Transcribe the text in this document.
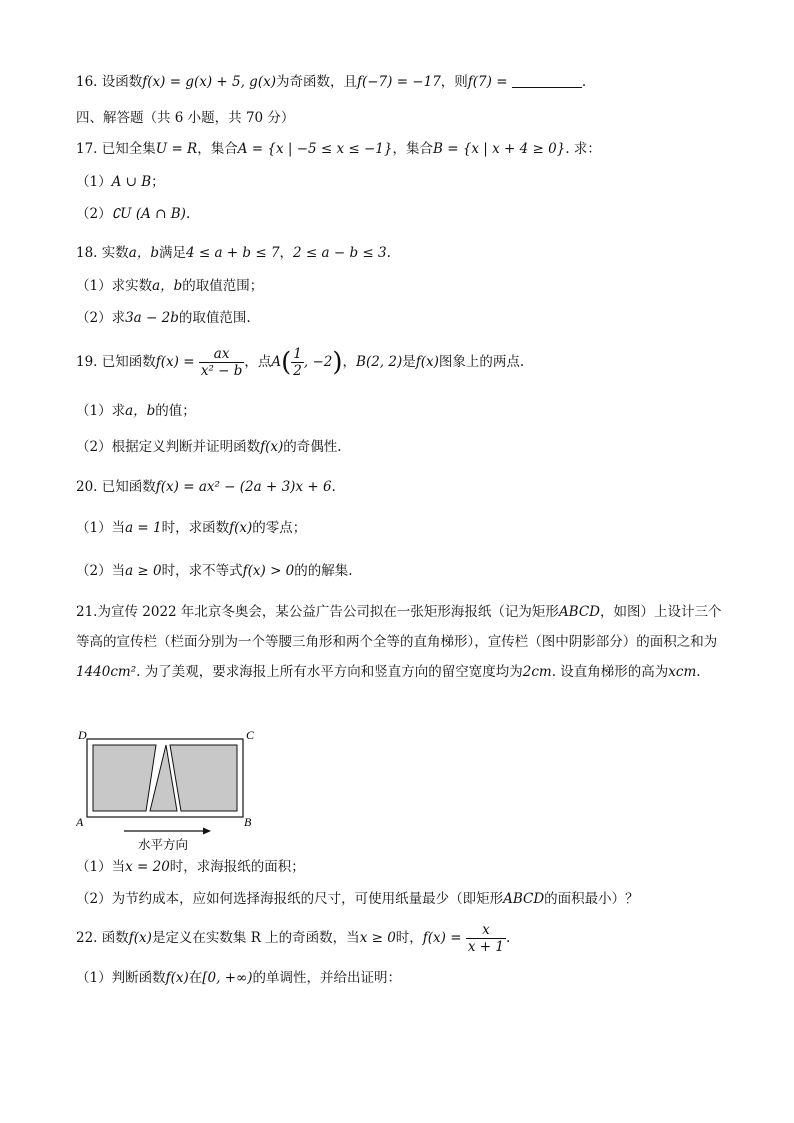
16. 设函数f(x) = g(x) + 5, g(x)为奇函数，且f(−7) = −17，则f(7) =	.
四、解答题（共 6 小题，共 70 分）
17. 已知全集U = R，集合A = {x | −5 ≤ x ≤ −1}，集合B = {x | x + 4 ≥ 0}. 求：
（1）A ∪ B；
（2）∁U (A ∩ B).
18. 实数a，b满足4 ≤ a + b ≤ 7，2 ≤ a − b ≤ 3.
（1）求实数a，b的取值范围；
（2）求3a − 2b的取值范围.
19. 已知函数$f(x) = \frac{ax}{\text{x² − b}}$ ，点$A( \frac{1}{2}$ , −2)，B(2, 2)是f(x)图象上的两点.
（1）求a，b的值；
（2）根据定义判断并证明函数f(x)的奇偶性.
20. 已知函数f(x) = ax² − (2a + 3)x + 6.
（1）当a = 1时，求函数f(x)的零点；
（2）当a ≥ 0时，求不等式f(x) > 0的的解集.
21.为宣传 2022 年北京冬奥会，某公益广告公司拟在一张矩形海报纸（记为矩形ABCD，如图）上设计三个等高的宣传栏（栏面分别为一个等腰三角形和两个全等的直角梯形），宣传栏（图中阴影部分）的面积之和为1440cm². 为了美观，要求海报上所有水平方向和竖直方向的留空宽度均为2cm. 设直角梯形的高为xcm.
D	C
A	B
水平方向
（1）当x = 20时，求海报纸的面积；
（2）为节约成本，应如何选择海报纸的尺寸，可使用纸量最少（即矩形ABCD的面积最小）？
22. 函数f(x)是定义在实数集 R 上的奇函数，当x ≥ 0时，$f(x) = \frac{x}{x + 1}$ .
（1）判断函数f(x)在[0, +∞)的单调性，并给出证明：
